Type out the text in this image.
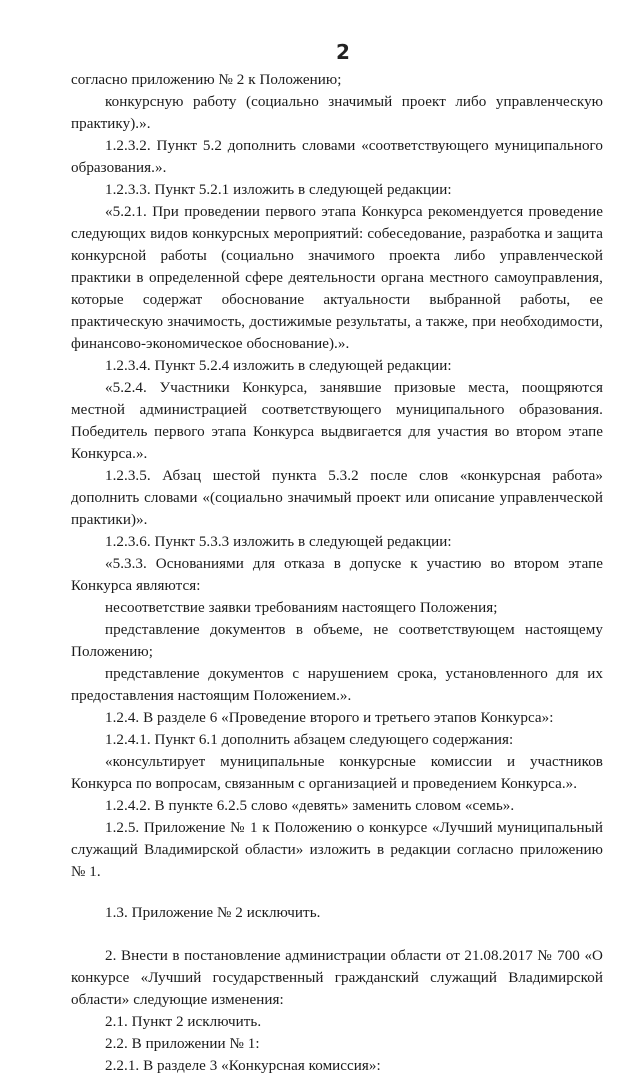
2

согласно приложению № 2 к Положению;

конкурсную работу (социально значимый проект либо управленческую практику).».

1.2.3.2. Пункт 5.2 дополнить словами «соответствующего муниципального образования.».

1.2.3.3. Пункт 5.2.1 изложить в следующей редакции:

«5.2.1. При проведении первого этапа Конкурса рекомендуется проведение следующих видов конкурсных мероприятий: собеседование, разработка и защита конкурсной работы (социально значимого проекта либо управленческой практики в определенной сфере деятельности органа местного самоуправления, которые содержат обоснование актуальности выбранной работы, ее практическую значимость, достижимые результаты, а также, при необходимости, финансово-экономическое обоснование).».

1.2.3.4. Пункт 5.2.4 изложить в следующей редакции:

«5.2.4. Участники Конкурса, занявшие призовые места, поощряются местной администрацией соответствующего муниципального образования. Победитель первого этапа Конкурса выдвигается для участия во втором этапе Конкурса.».

1.2.3.5. Абзац шестой пункта 5.3.2 после слов «конкурсная работа» дополнить словами «(социально значимый проект или описание управленческой практики)».

1.2.3.6. Пункт 5.3.3 изложить в следующей редакции:

«5.3.3. Основаниями для отказа в допуске к участию во втором этапе Конкурса являются:

несоответствие заявки требованиям настоящего Положения;

представление документов в объеме, не соответствующем настоящему Положению;

представление документов с нарушением срока, установленного для их предоставления настоящим Положением.».

1.2.4. В разделе 6 «Проведение второго и третьего этапов Конкурса»:

1.2.4.1. Пункт 6.1 дополнить абзацем следующего содержания:

«консультирует муниципальные конкурсные комиссии и участников Конкурса по вопросам, связанным с организацией и проведением Конкурса.».

1.2.4.2. В пункте 6.2.5 слово «девять» заменить словом «семь».

1.2.5. Приложение № 1 к Положению о конкурсе «Лучший муниципальный служащий Владимирской области» изложить в редакции согласно приложению № 1.

1.3. Приложение № 2 исключить.

2. Внести в постановление администрации области от 21.08.2017 № 700 «О конкурсе «Лучший государственный гражданский служащий Владимирской области» следующие изменения:

2.1. Пункт 2 исключить.

2.2. В приложении № 1:

2.2.1. В разделе 3 «Конкурсная комиссия»:
